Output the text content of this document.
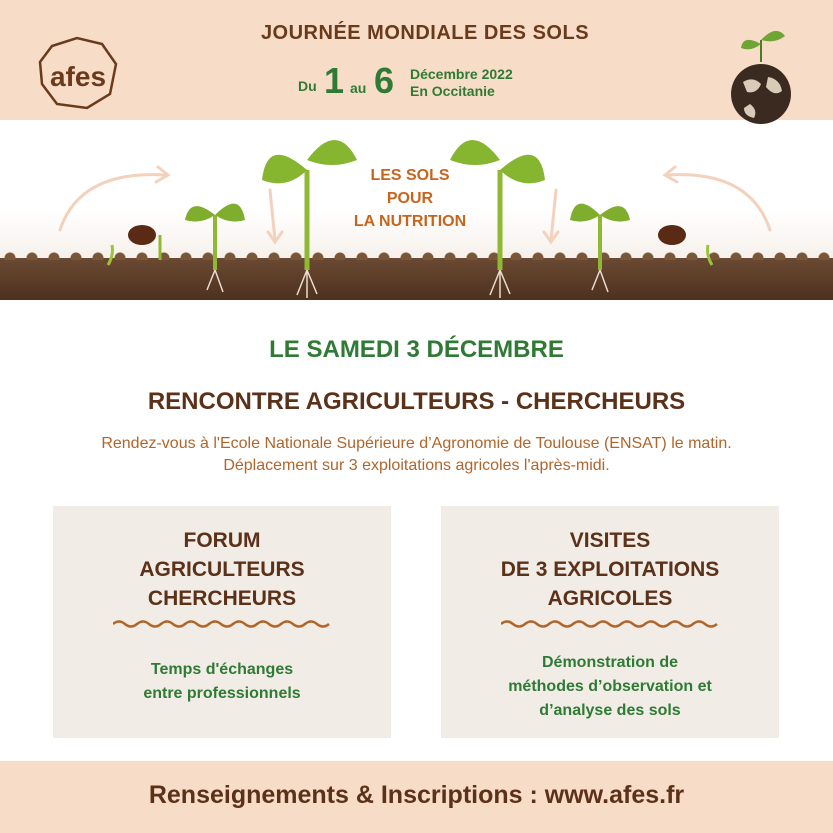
afes
JOURNÉE MONDIALE DES SOLS
Du 1 au 6 Décembre 2022
En Occitanie
LES SOLS
POUR
LA NUTRITION
LE SAMEDI 3 DÉCEMBRE
RENCONTRE AGRICULTEURS - CHERCHEURS
Rendez-vous à l'Ecole Nationale Supérieure d’Agronomie de Toulouse (ENSAT) le matin.
Déplacement sur 3 exploitations agricoles l'après-midi.
FORUM
AGRICULTEURS
CHERCHEURS
Temps d'échanges
entre professionnels
VISITES
DE 3 EXPLOITATIONS
AGRICOLES
Démonstration de
méthodes d’observation et
d’analyse des sols
Renseignements & Inscriptions : www.afes.fr
